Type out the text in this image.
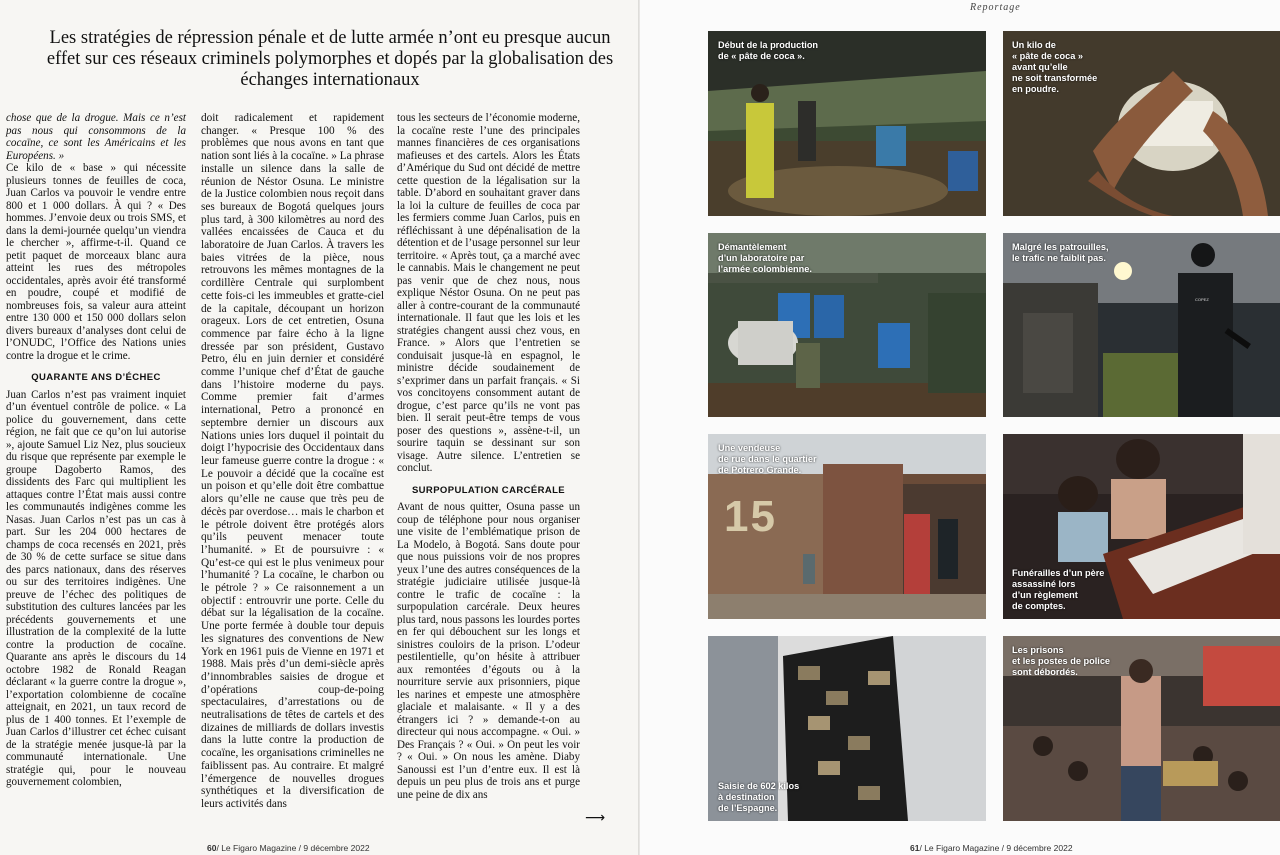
Les stratégies de répression pénale et de lutte armée n’ont eu presque aucun effet sur ces réseaux criminels polymorphes et dopés par la globalisation des échanges internationaux

chose que de la drogue. Mais ce n’est pas nous qui consommons de la cocaïne, ce sont les Américains et les Européens. »

Ce kilo de « base » qui nécessite plusieurs tonnes de feuilles de coca, Juan Carlos va pouvoir le vendre entre 800 et 1 000 dollars. À qui ? « Des hommes. J’envoie deux ou trois SMS, et dans la demi-journée quelqu’un viendra le chercher », affirme-t-il. Quand ce petit paquet de morceaux blanc aura atteint les rues des métropoles occidentales, après avoir été transformé en poudre, coupé et modifié de nombreuses fois, sa valeur aura atteint entre 130 000 et 150 000 dollars selon divers bureaux d’analyses dont celui de l’ONUDC, l’Office des Nations unies contre la drogue et le crime.

QUARANTE ANS D’ÉCHEC

Juan Carlos n’est pas vraiment inquiet d’un éventuel contrôle de police. « La police du gouvernement, dans cette région, ne fait que ce qu’on lui autorise », ajoute Samuel Liz Nez, plus soucieux du risque que représente par exemple le groupe Dagoberto Ramos, des dissidents des Farc qui multiplient les attaques contre l’État mais aussi contre les communautés indigènes comme les Nasas. Juan Carlos n’est pas un cas à part. Sur les 204 000 hectares de champs de coca recensés en 2021, près de 30 % de cette surface se situe dans des parcs nationaux, dans des réserves ou sur des territoires indigènes. Une preuve de l’échec des politiques de substitution des cultures lancées par les précédents gouvernements et une illustration de la complexité de la lutte contre la production de cocaïne. Quarante ans après le discours du 14 octobre 1982 de Ronald Reagan déclarant « la guerre contre la drogue », l’exportation colombienne de cocaïne atteignait, en 2021, un taux record de plus de 1 400 tonnes. Et l’exemple de Juan Carlos d’illustrer cet échec cuisant de la stratégie menée jusque-là par la communauté internationale. Une stratégie qui, pour le nouveau gouvernement colombien,

doit radicalement et rapidement changer. « Presque 100 % des problèmes que nous avons en tant que nation sont liés à la cocaïne. » La phrase installe un silence dans la salle de réunion de Néstor Osuna. Le ministre de la Justice colombien nous reçoit dans ses bureaux de Bogotá quelques jours plus tard, à 300 kilomètres au nord des vallées encaissées de Cauca et du laboratoire de Juan Carlos. À travers les baies vitrées de la pièce, nous retrouvons les mêmes montagnes de la cordillère Centrale qui surplombent cette fois-ci les immeubles et gratte-ciel de la capitale, découpant un horizon orageux. Lors de cet entretien, Osuna commence par faire écho à la ligne dressée par son président, Gustavo Petro, élu en juin dernier et considéré comme l’unique chef d’État de gauche dans l’histoire moderne du pays. Comme premier fait d’armes international, Petro a prononcé en septembre dernier un discours aux Nations unies lors duquel il pointait du doigt l’hypocrisie des Occidentaux dans leur fameuse guerre contre la drogue : « Le pouvoir a décidé que la cocaïne est un poison et qu’elle doit être combattue alors qu’elle ne cause que très peu de décès par overdose… mais le charbon et le pétrole doivent être protégés alors qu’ils peuvent menacer toute l’humanité. » Et de poursuivre : « Qu’est-ce qui est le plus venimeux pour l’humanité ? La cocaïne, le charbon ou le pétrole ? » Ce raisonnement a un objectif : entrouvrir une porte. Celle du débat sur la légalisation de la cocaïne. Une porte fermée à double tour depuis les signatures des conventions de New York en 1961 puis de Vienne en 1971 et 1988. Mais près d’un demi-siècle après d’innombrables saisies de drogue et d’opérations coup-de-poing spectaculaires, d’arrestations ou de neutralisations de têtes de cartels et des dizaines de milliards de dollars investis dans la lutte contre la production de cocaïne, les organisations criminelles ne faiblissent pas. Au contraire. Et malgré l’émergence de nouvelles drogues synthétiques et la diversification de leurs activités dans

tous les secteurs de l’économie moderne, la cocaïne reste l’une des principales mannes financières de ces organisations mafieuses et des cartels. Alors les États d’Amérique du Sud ont décidé de mettre cette question de la légalisation sur la table. D’abord en souhaitant graver dans la loi la culture de feuilles de coca par les fermiers comme Juan Carlos, puis en réfléchissant à une dépénalisation de la détention et de l’usage personnel sur leur territoire. « Après tout, ça a marché avec le cannabis. Mais le changement ne peut pas venir que de chez nous, nous explique Néstor Osuna. On ne peut pas aller à contre-courant de la communauté internationale. Il faut que les lois et les stratégies changent aussi chez vous, en France. » Alors que l’entretien se conduisait jusque-là en espagnol, le ministre décide soudainement de s’exprimer dans un parfait français. « Si vos concitoyens consomment autant de drogue, c’est parce qu’ils ne vont pas bien. Il serait peut-être temps de vous poser des questions », assène-t-il, un sourire taquin se dessinant sur son visage. Autre silence. L’entretien se conclut.

SURPOPULATION CARCÉRALE

Avant de nous quitter, Osuna passe un coup de téléphone pour nous organiser une visite de l’emblématique prison de La Modelo, à Bogotá. Sans doute pour que nous puissions voir de nos propres yeux l’une des autres conséquences de la stratégie judiciaire utilisée jusque-là contre le trafic de cocaïne : la surpopulation carcérale. Deux heures plus tard, nous passons les lourdes portes en fer qui débouchent sur les longs et sinistres couloirs de la prison. L’odeur pestilentielle, qu’on hésite à attribuer aux remontées d’égouts ou à la nourriture servie aux prisonniers, pique les narines et empeste une atmosphère glaciale et malaisante. « Il y a des étrangers ici ? » demande-t-on au directeur qui nous accompagne. « Oui. » Des Français ? « Oui. » On peut les voir ? « Oui. » On nous les amène. Diaby Sanoussi est l’un d’entre eux. Il est là depuis un peu plus de trois ans et purge une peine de dix ans

⟶
60/ Le Figaro Magazine / 9 décembre 2022
Reportage
Début de la production
de « pâte de coca ».
Un kilo de
« pâte de coca »
avant qu’elle
ne soit transformée
en poudre.
Démantèlement
d’un laboratoire par
l’armée colombienne.
Malgré les patrouilles,
le trafic ne faiblit pas.
COPEZ
15
Une vendeuse
de rue dans le quartier
de Potrero Grande.
Funérailles d’un père
assassiné lors
d’un règlement
de comptes.
Saisie de 602 kilos
à destination
de l’Espagne.
Les prisons
et les postes de police
sont débordés.
61/ Le Figaro Magazine / 9 décembre 2022
